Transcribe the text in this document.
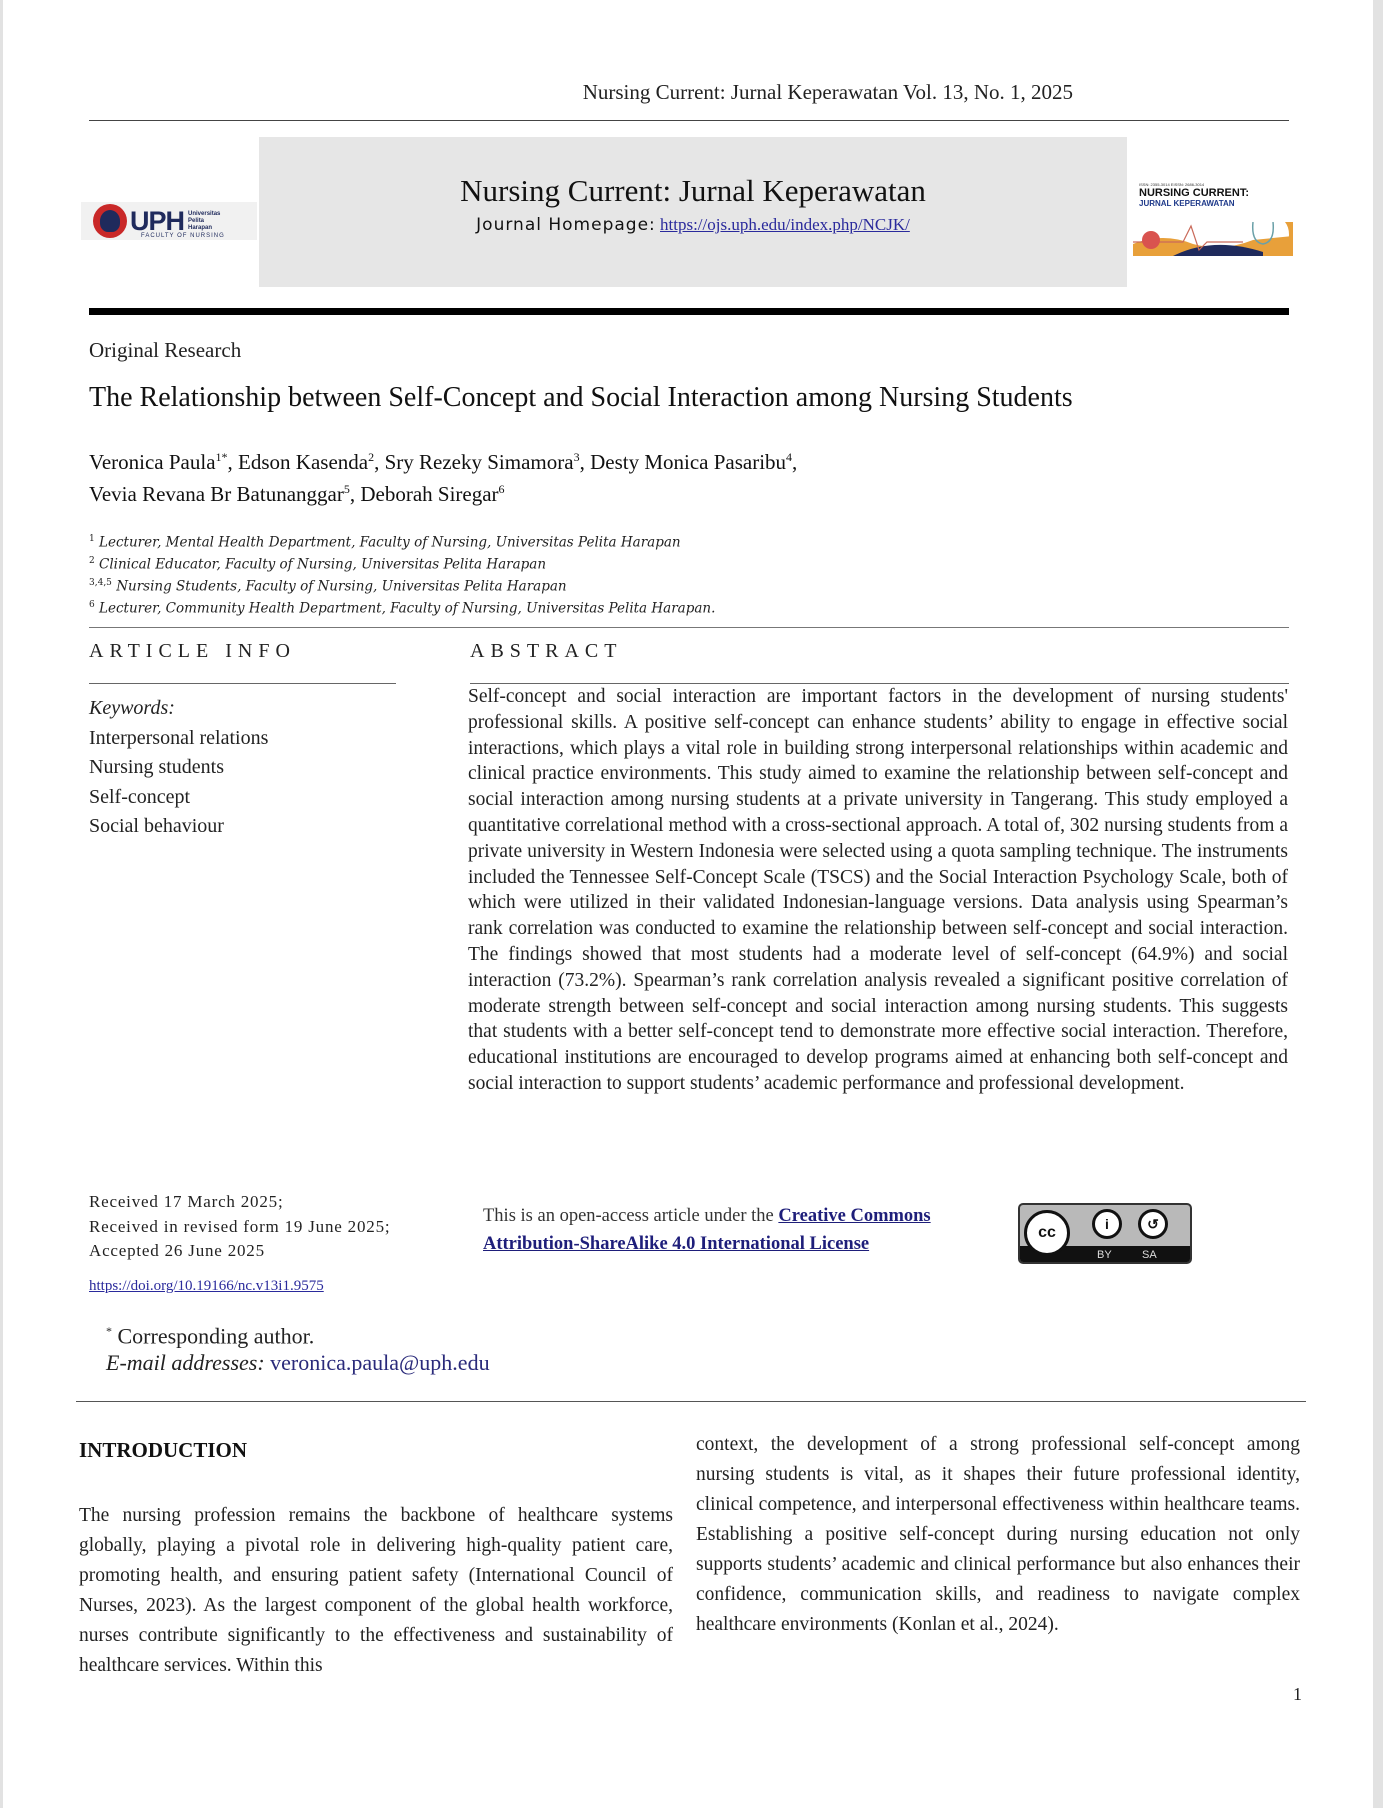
Nursing Current: Jurnal Keperawatan Vol. 13, No. 1, 2025
UPH Universitas
Pelita
Harapan
FACULTY OF NURSING
Nursing Current: Jurnal Keperawatan
Journal Homepage: https://ojs.uph.edu/index.php/NCJK/
ISSN: 2355-3014 EISSN: 2686-3014
NURSING CURRENT:
JURNAL KEPERAWATAN
Original Research
The Relationship between Self-Concept and Social Interaction among Nursing Students
Veronica Paula$^{1*}$, Edson Kasenda$^2$, Sry Rezeky Simamora$^3$, Desty Monica Pasaribu$^4$,
Vevia Revana Br Batunanggar$^5$, Deborah Siregar$^6$
$^1$ Lecturer, Mental Health Department, Faculty of Nursing, Universitas Pelita Harapan
$^2$ Clinical Educator, Faculty of Nursing, Universitas Pelita Harapan
$^{3,4,5}$ Nursing Students, Faculty of Nursing, Universitas Pelita Harapan
$^6$ Lecturer, Community Health Department, Faculty of Nursing, Universitas Pelita Harapan.
ARTICLE INFO	ABSTRACT
Keywords:
Interpersonal relations
Nursing students
Self-concept
Social behaviour
Self-concept and social interaction are important factors in the development of nursing students' professional skills. A positive self-concept can enhance students’ ability to engage in effective social interactions, which plays a vital role in building strong interpersonal relationships within academic and clinical practice environments. This study aimed to examine the relationship between self-concept and social interaction among nursing students at a private university in Tangerang. This study employed a quantitative correlational method with a cross-sectional approach. A total of, 302 nursing students from a private university in Western Indonesia were selected using a quota sampling technique. The instruments included the Tennessee Self-Concept Scale (TSCS) and the Social Interaction Psychology Scale, both of which were utilized in their validated Indonesian-language versions. Data analysis using Spearman’s rank correlation was conducted to examine the relationship between self-concept and social interaction. The findings showed that most students had a moderate level of self-concept (64.9%) and social interaction (73.2%). Spearman’s rank correlation analysis revealed a significant positive correlation of moderate strength between self-concept and social interaction among nursing students. This suggests that students with a better self-concept tend to demonstrate more effective social interaction. Therefore, educational institutions are encouraged to develop programs aimed at enhancing both self-concept and social interaction to support students’ academic performance and professional development.
Received 17 March 2025;
Received in revised form 19 June 2025;
Accepted 26 June 2025
https://doi.org/10.19166/nc.v13i1.9575
* Corresponding author.
E-mail addresses: veronica.paula@uph.edu
This is an open-access article under the Creative Commons Attribution-ShareAlike 4.0 International License
cc	i	↺
BY	SA
INTRODUCTION
The nursing profession remains the backbone of healthcare systems globally, playing a pivotal role in delivering high-quality patient care, promoting health, and ensuring patient safety (International Council of Nurses, 2023). As the largest component of the global health workforce, nurses contribute significantly to the effectiveness and sustainability of healthcare services. Within this
context, the development of a strong professional self-concept among nursing students is vital, as it shapes their future professional identity, clinical competence, and interpersonal effectiveness within healthcare teams. Establishing a positive self-concept during nursing education not only supports students’ academic and clinical performance but also enhances their confidence, communication skills, and readiness to navigate complex healthcare environments (Konlan et al., 2024).
1
